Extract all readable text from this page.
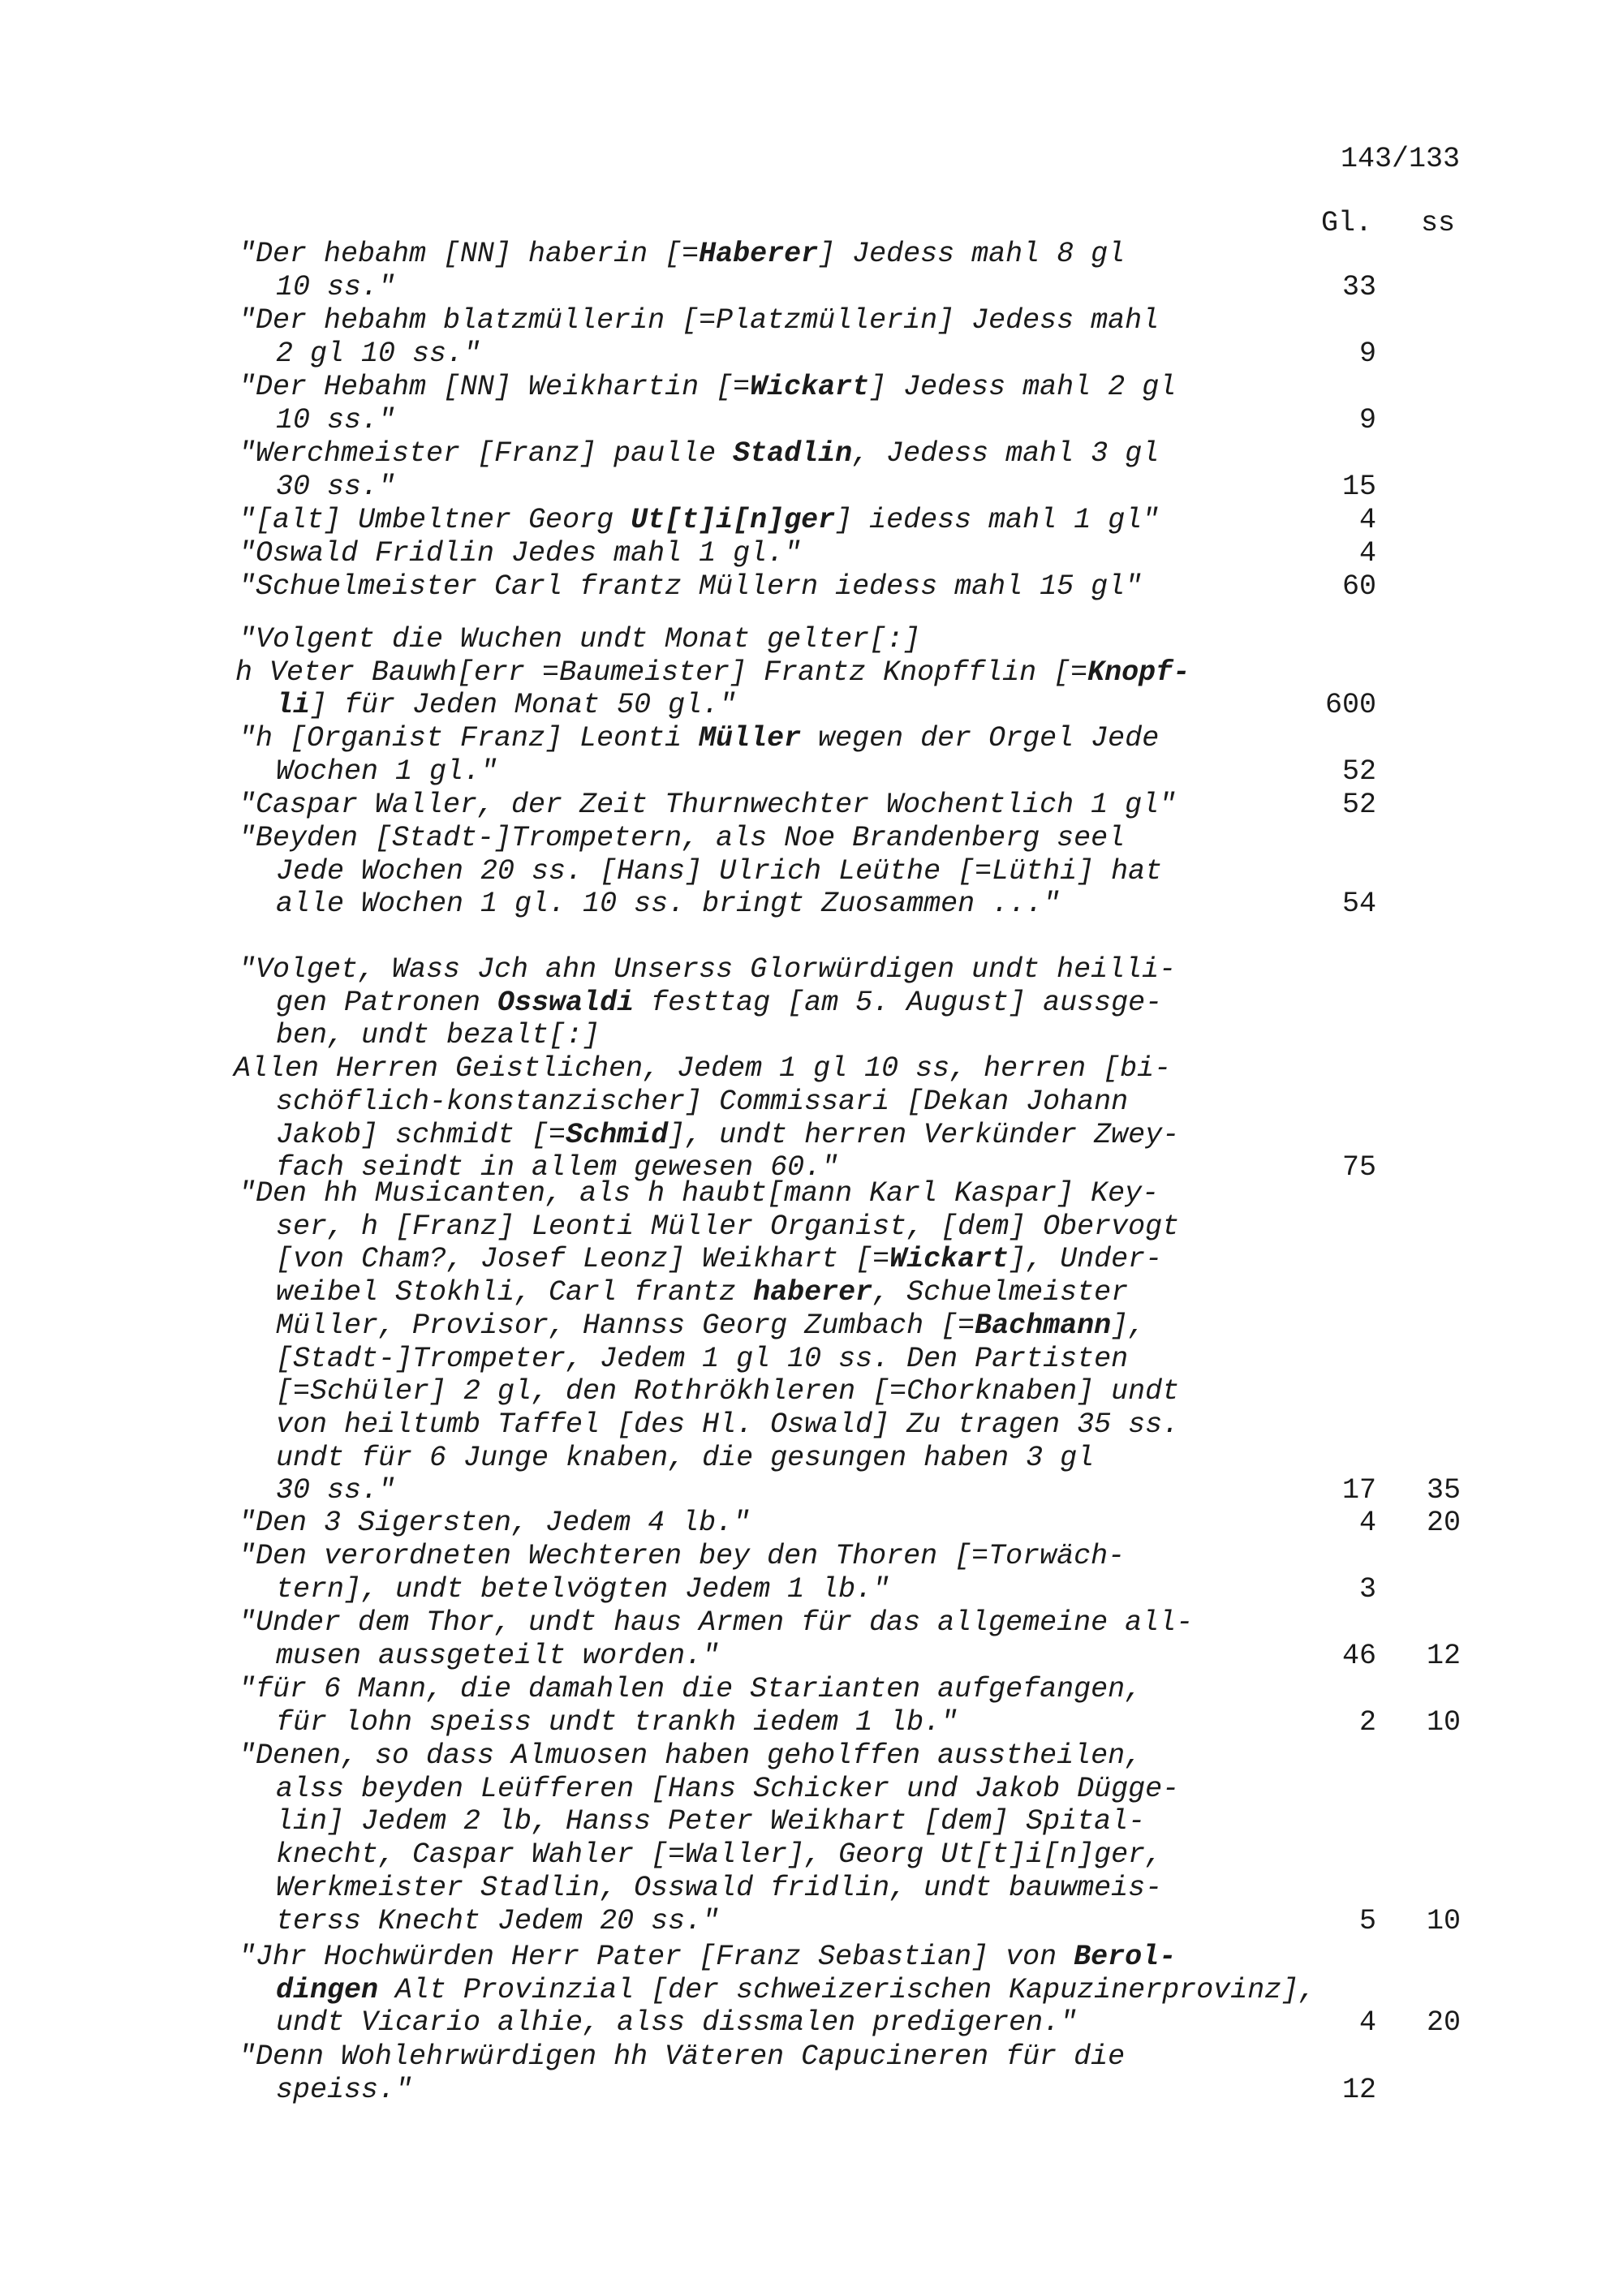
143/133
Gl. ss
"Der hebahm [NN] haberin [=Haberer] Jedess mahl 8 gl
10 ss."	33
"Der hebahm blatzmüllerin [=Platzmüllerin] Jedess mahl
2 gl 10 ss."	9
"Der Hebahm [NN] Weikhartin [=Wickart] Jedess mahl 2 gl
10 ss."	9
"Werchmeister [Franz] paulle Stadlin, Jedess mahl 3 gl
30 ss."	15
"[alt] Umbeltner Georg Ut[t]i[n]ger] iedess mahl 1 gl"	4
"Oswald Fridlin Jedes mahl 1 gl."	4
"Schuelmeister Carl frantz Müllern iedess mahl 15 gl"	60
"Volgent die Wuchen undt Monat gelter[:]
h Veter Bauwh[err =Baumeister] Frantz Knopfflin [=Knopf-
li] für Jeden Monat 50 gl."	600
"h [Organist Franz] Leonti Müller wegen der Orgel Jede
Wochen 1 gl."	52
"Caspar Waller, der Zeit Thurnwechter Wochentlich 1 gl"	52
"Beyden [Stadt-]Trompetern, als Noe Brandenberg seel
Jede Wochen 20 ss. [Hans] Ulrich Leüthe [=Lüthi] hat
alle Wochen 1 gl. 10 ss. bringt Zuosammen ..."	54
"Volget, Wass Jch ahn Unserss Glorwürdigen undt heilli-
gen Patronen Osswaldi festtag [am 5. August] aussge-
ben, undt bezalt[:]
Allen Herren Geistlichen, Jedem 1 gl 10 ss, herren [bi-
schöflich-konstanzischer] Commissari [Dekan Johann
Jakob] schmidt [=Schmid], undt herren Verkünder Zwey-
fach seindt in allem gewesen 60."	75
"Den hh Musicanten, als h haubt[mann Karl Kaspar] Key-
ser, h [Franz] Leonti Müller Organist, [dem] Obervogt
[von Cham?, Josef Leonz] Weikhart [=Wickart], Under-
weibel Stokhli, Carl frantz haberer, Schuelmeister
Müller, Provisor, Hannss Georg Zumbach [=Bachmann],
[Stadt-]Trompeter, Jedem 1 gl 10 ss. Den Partisten
[=Schüler] 2 gl, den Rothrökhleren [=Chorknaben] undt
von heiltumb Taffel [des Hl. Oswald] Zu tragen 35 ss.
undt für 6 Junge knaben, die gesungen haben 3 gl
30 ss."	17	35
"Den 3 Sigersten, Jedem 4 lb."	4	20
"Den verordneten Wechteren bey den Thoren [=Torwäch-
tern], undt betelvögten Jedem 1 lb."	3
"Under dem Thor, undt haus Armen für das allgemeine all-
musen aussgeteilt worden."	46	12
"für 6 Mann, die damahlen die Starianten aufgefangen,
für lohn speiss undt trankh iedem 1 lb."	2	10
"Denen, so dass Almuosen haben geholffen ausstheilen,
alss beyden Leüfferen [Hans Schicker und Jakob Dügge-
lin] Jedem 2 lb, Hanss Peter Weikhart [dem] Spital-
knecht, Caspar Wahler [=Waller], Georg Ut[t]i[n]ger,
Werkmeister Stadlin, Osswald fridlin, undt bauwmeis-
terss Knecht Jedem 20 ss."	5	10
"Jhr Hochwürden Herr Pater [Franz Sebastian] von Berol-
dingen Alt Provinzial [der schweizerischen Kapuzinerprovinz],
undt Vicario alhie, alss dissmalen predigeren."	4	20
"Denn Wohlehrwürdigen hh Väteren Capucineren für die
speiss."	12
